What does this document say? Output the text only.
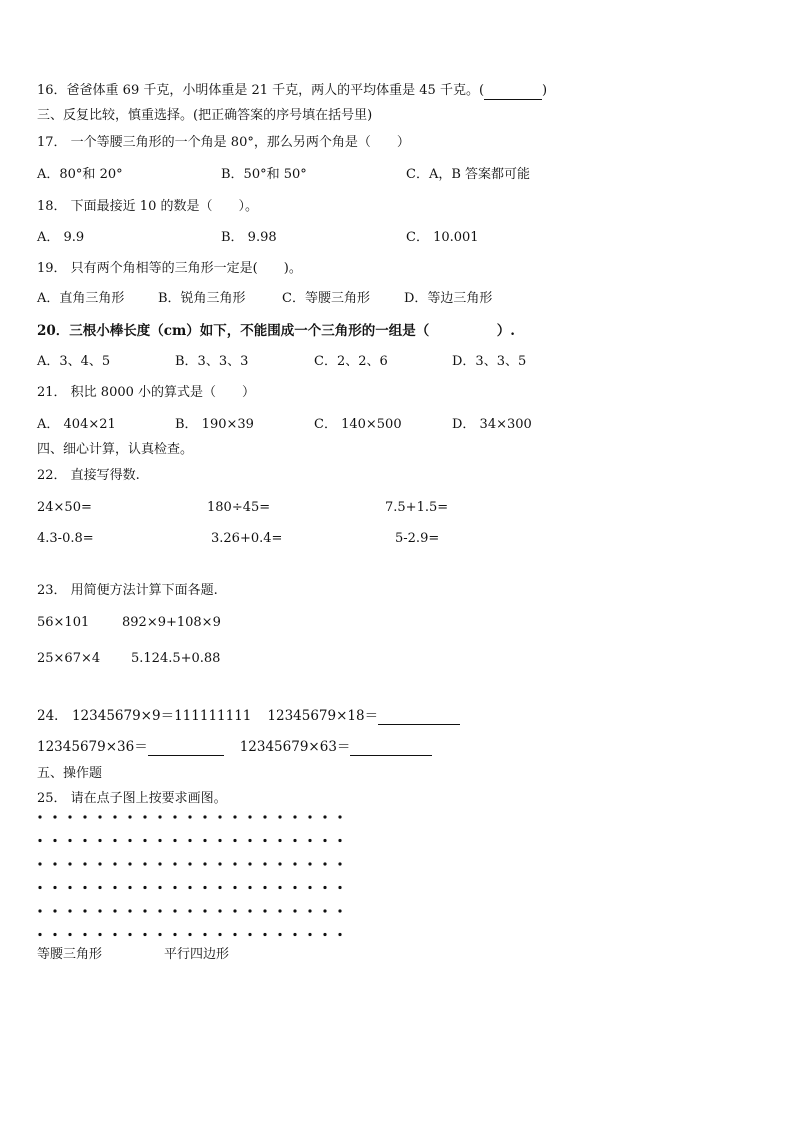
16．爸爸体重 69 千克，小明体重是 21 千克，两人的平均体重是 45 千克。(	)
三、反复比较，慎重选择。(把正确答案的序号填在括号里)
17． 一个等腰三角形的一个角是 80°，那么另两个角是（　　）
A．80°和 20°	B．50°和 50°	C．A，B 答案都可能
18． 下面最接近 10 的数是（　　）。
A． 9.9	B． 9.98	C． 10.001
19． 只有两个角相等的三角形一定是(　　)。
A．直角三角形	B．锐角三角形	C．等腰三角形	D．等边三角形
20．三根小棒长度（cm）如下，不能围成一个三角形的一组是（　　　　　）.
A．3、4、5	B．3、3、3	C．2、2、6	D．3、3、5
21． 积比 8000 小的算式是（　　）
A． 404×21	B． 190×39	C． 140×500	D． 34×300
四、细心计算，认真检查。
22． 直接写得数.
24×50=	180÷45=	7.5+1.5=
4.3-0.8=	3.26+0.4=	5-2.9=
23． 用简便方法计算下面各题.
56×101	892×9+108×9
25×67×4 5.124.5+0.88
24． 12345679×9＝111111111 12345679×18＝
12345679×36＝	12345679×63＝
五、操作题
25． 请在点子图上按要求画图。
等腰三角形	平行四边形
